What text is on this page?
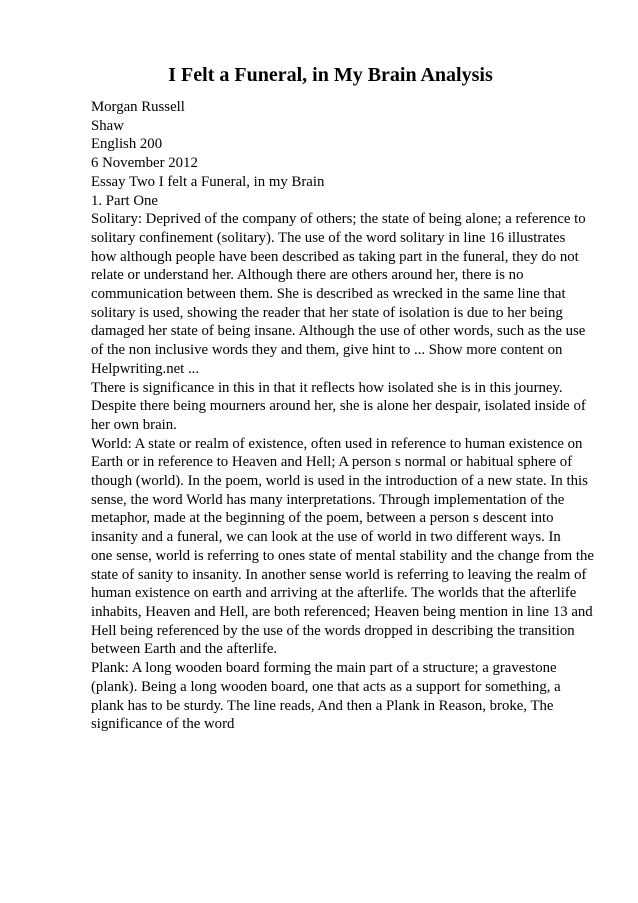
I Felt a Funeral, in My Brain Analysis

Morgan Russell

Shaw

English 200

6 November 2012

Essay Two I felt a Funeral, in my Brain

1. Part One

Solitary: Deprived of the company of others; the state of being alone; a reference to

solitary confinement (solitary). The use of the word solitary in line 16 illustrates

how although people have been described as taking part in the funeral, they do not

relate or understand her. Although there are others around her, there is no

communication between them. She is described as wrecked in the same line that

solitary is used, showing the reader that her state of isolation is due to her being

damaged her state of being insane. Although the use of other words, such as the use

of the non inclusive words they and them, give hint to ... Show more content on

Helpwriting.net ...

There is significance in this in that it reflects how isolated she is in this journey.

Despite there being mourners around her, she is alone her despair, isolated inside of

her own brain.

World: A state or realm of existence, often used in reference to human existence on

Earth or in reference to Heaven and Hell; A person s normal or habitual sphere of

though (world). In the poem, world is used in the introduction of a new state. In this

sense, the word World has many interpretations. Through implementation of the

metaphor, made at the beginning of the poem, between a person s descent into

insanity and a funeral, we can look at the use of world in two different ways. In

one sense, world is referring to ones state of mental stability and the change from the

state of sanity to insanity. In another sense world is referring to leaving the realm of

human existence on earth and arriving at the afterlife. The worlds that the afterlife

inhabits, Heaven and Hell, are both referenced; Heaven being mention in line 13 and

Hell being referenced by the use of the words dropped in describing the transition

between Earth and the afterlife.

Plank: A long wooden board forming the main part of a structure; a gravestone

(plank). Being a long wooden board, one that acts as a support for something, a

plank has to be sturdy. The line reads, And then a Plank in Reason, broke, The

significance of the word
